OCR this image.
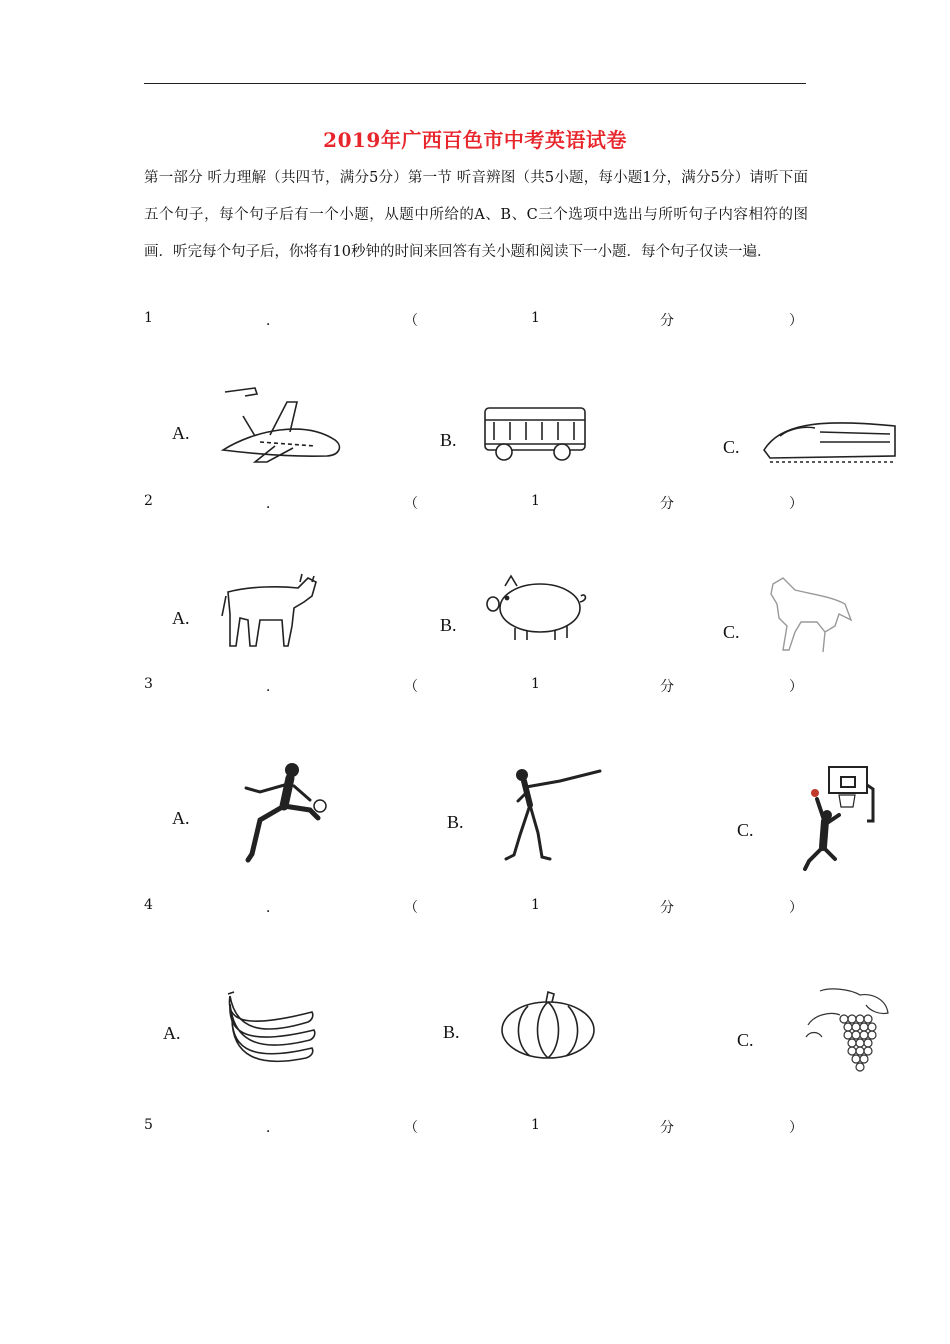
2019年广西百色市中考英语试卷

第一部分 听力理解（共四节，满分5分）第一节 听音辨图（共5小题，每小题1分，满分5分）请听下面五个句子，每个句子后有一个小题，从题中所给的A、B、C三个选项中选出与所听句子内容相符的图画．听完每个句子后，你将有10秒钟的时间来回答有关小题和阅读下一小题．每个句子仅读一遍．

1	．	（	1	分	）
A.	B.	C.
2	．	（	1	分	）
A.	B.	C.
3	．	（	1	分	）
A.	B.	C.
4	．	（	1	分	）
A.	B.	C.
5	．	（	1	分	）
